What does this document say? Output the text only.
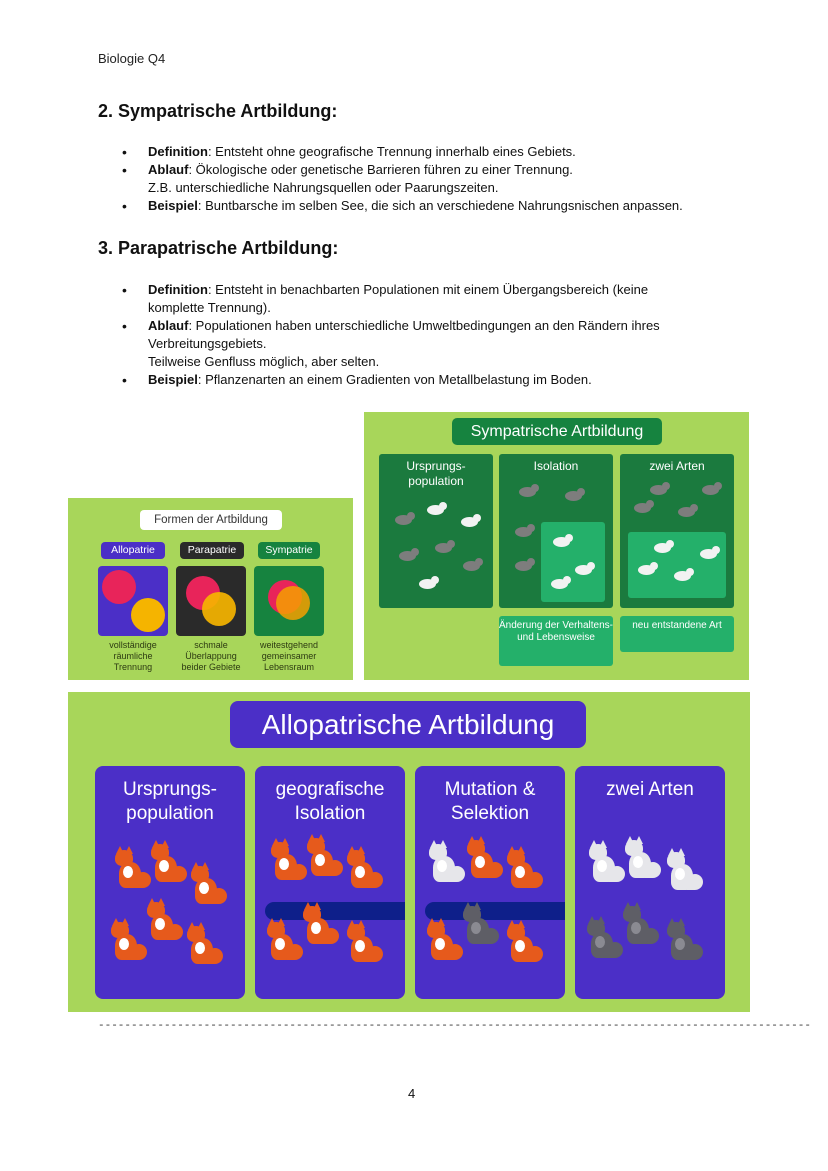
Biologie Q4
2. Sympatrische Artbildung:
• Definition: Entsteht ohne geografische Trennung innerhalb eines Gebiets.
• Ablauf: Ökologische oder genetische Barrieren führen zu einer Trennung.
Z.B. unterschiedliche Nahrungsquellen oder Paarungszeiten.
• Beispiel: Buntbarsche im selben See, die sich an verschiedene Nahrungsnischen anpassen.
3. Parapatrische Artbildung:
• Definition: Entsteht in benachbarten Populationen mit einem Übergangsbereich (keine komplette Trennung).
• Ablauf: Populationen haben unterschiedliche Umweltbedingungen an den Rändern ihres Verbreitungsgebiets.
Teilweise Genfluss möglich, aber selten.
• Beispiel: Pflanzenarten an einem Gradienten von Metallbelastung im Boden.
Formen der Artbildung
Allopatrie	Parapatrie	Sympatrie
vollständige räumliche Trennung
schmale Überlappung beider Gebiete
weitestgehend gemeinsamer Lebensraum
Sympatrische Artbildung
Ursprungs-population
Isolation	zwei Arten
Änderung der Verhaltens- und Lebensweise
neu entstandene Art
Allopatrische Artbildung
Ursprungs-population
geografische Isolation
Mutation & Selektion
zwei Arten
------------------------------------------------------------------------------------------------------------
4
